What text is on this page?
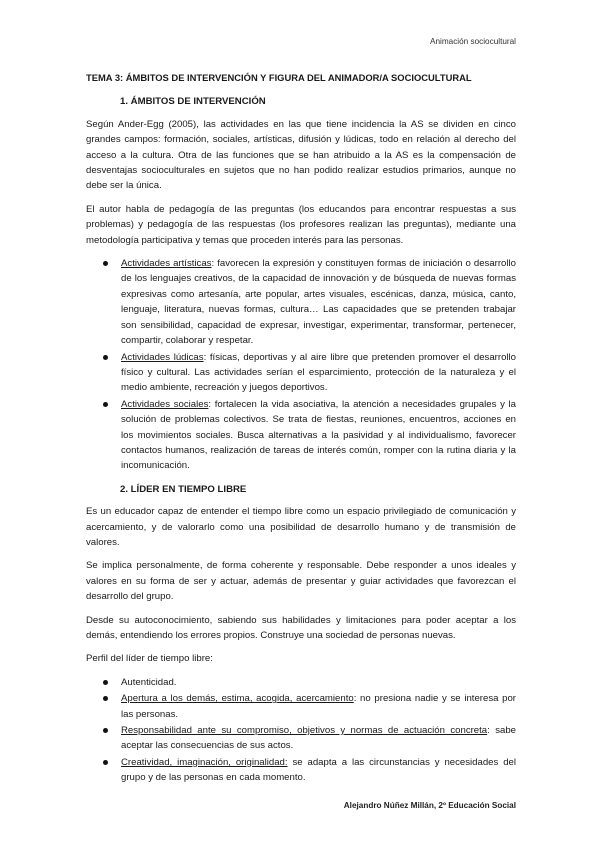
Animación sociocultural
TEMA 3: ÁMBITOS DE INTERVENCIÓN Y FIGURA DEL ANIMADOR/A SOCIOCULTURAL
1. ÁMBITOS DE INTERVENCIÓN

Según Ander-Egg (2005), las actividades en las que tiene incidencia la AS se dividen en cinco grandes campos: formación, sociales, artísticas, difusión y lúdicas, todo en relación al derecho del acceso a la cultura. Otra de las funciones que se han atribuido a la AS es la compensación de desventajas socioculturales en sujetos que no han podido realizar estudios primarios, aunque no debe ser la única.

El autor habla de pedagogía de las preguntas (los educandos para encontrar respuestas a sus problemas) y pedagogía de las respuestas (los profesores realizan las preguntas), mediante una metodología participativa y temas que proceden interés para las personas.

Actividades artísticas: favorecen la expresión y constituyen formas de iniciación o desarrollo de los lenguajes creativos, de la capacidad de innovación y de búsqueda de nuevas formas expresivas como artesanía, arte popular, artes visuales, escénicas, danza, música, canto, lenguaje, literatura, nuevas formas, cultura… Las capacidades que se pretenden trabajar son sensibilidad, capacidad de expresar, investigar, experimentar, transformar, pertenecer, compartir, colaborar y respetar.
Actividades lúdicas: físicas, deportivas y al aire libre que pretenden promover el desarrollo físico y cultural. Las actividades serían el esparcimiento, protección de la naturaleza y el medio ambiente, recreación y juegos deportivos.
Actividades sociales: fortalecen la vida asociativa, la atención a necesidades grupales y la solución de problemas colectivos. Se trata de fiestas, reuniones, encuentros, acciones en los movimientos sociales. Busca alternativas a la pasividad y al individualismo, favorecer contactos humanos, realización de tareas de interés común, romper con la rutina diaria y la incomunicación.
2. LÍDER EN TIEMPO LIBRE

Es un educador capaz de entender el tiempo libre como un espacio privilegiado de comunicación y acercamiento, y de valorarlo como una posibilidad de desarrollo humano y de transmisión de valores.

Se implica personalmente, de forma coherente y responsable. Debe responder a unos ideales y valores en su forma de ser y actuar, además de presentar y guiar actividades que favorezcan el desarrollo del grupo.

Desde su autoconocimiento, sabiendo sus habilidades y limitaciones para poder aceptar a los demás, entendiendo los errores propios. Construye una sociedad de personas nuevas.

Perfil del líder de tiempo libre:

Autenticidad.
Apertura a los demás, estima, acogida, acercamiento: no presiona nadie y se interesa por las personas.
Responsabilidad ante su compromiso, objetivos y normas de actuación concreta: sabe aceptar las consecuencias de sus actos.
Creatividad, imaginación, originalidad: se adapta a las circunstancias y necesidades del grupo y de las personas en cada momento.
Alejandro Núñez Millán, 2º Educación Social
